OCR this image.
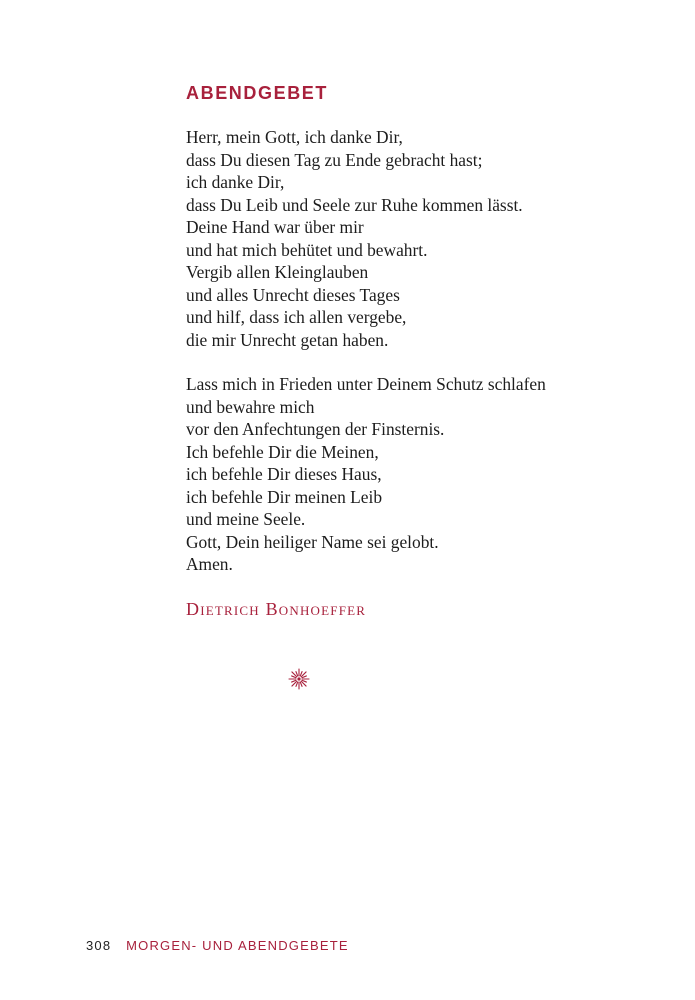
ABENDGEBET

Herr, mein Gott, ich danke Dir,
dass Du diesen Tag zu Ende gebracht hast;
ich danke Dir,
dass Du Leib und Seele zur Ruhe kommen lässt.
Deine Hand war über mir
und hat mich behütet und bewahrt.
Vergib allen Kleinglauben
und alles Unrecht dieses Tages
und hilf, dass ich allen vergebe,
die mir Unrecht getan haben.

Lass mich in Frieden unter Deinem Schutz schlafen
und bewahre mich
vor den Anfechtungen der Finsternis.
Ich befehle Dir die Meinen,
ich befehle Dir dieses Haus,
ich befehle Dir meinen Leib
und meine Seele.
Gott, Dein heiliger Name sei gelobt.
Amen.

Dietrich Bonhoeffer

308 MORGEN- UND ABENDGEBETE
